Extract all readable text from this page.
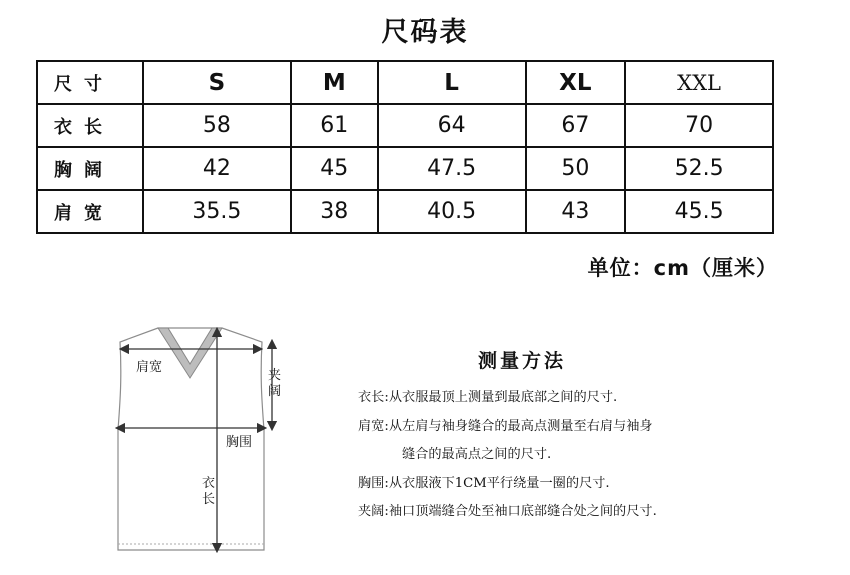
尺码表
尺寸	S	M	L	XL	XXL
衣长	58	61	64	67	70
胸阔	42	45	47.5	50	52.5
肩宽	35.5	38	40.5	43	45.5
单位：cm（厘米）
肩宽
夹阔
胸围
衣长
测量方法
衣长:从衣服最顶上测量到最底部之间的尺寸.
肩宽:从左肩与袖身缝合的最高点测量至右肩与袖身
缝合的最高点之间的尺寸.
胸围:从衣服液下1CM平行绕量一圈的尺寸.
夹阔:袖口顶端缝合处至袖口底部缝合处之间的尺寸.
